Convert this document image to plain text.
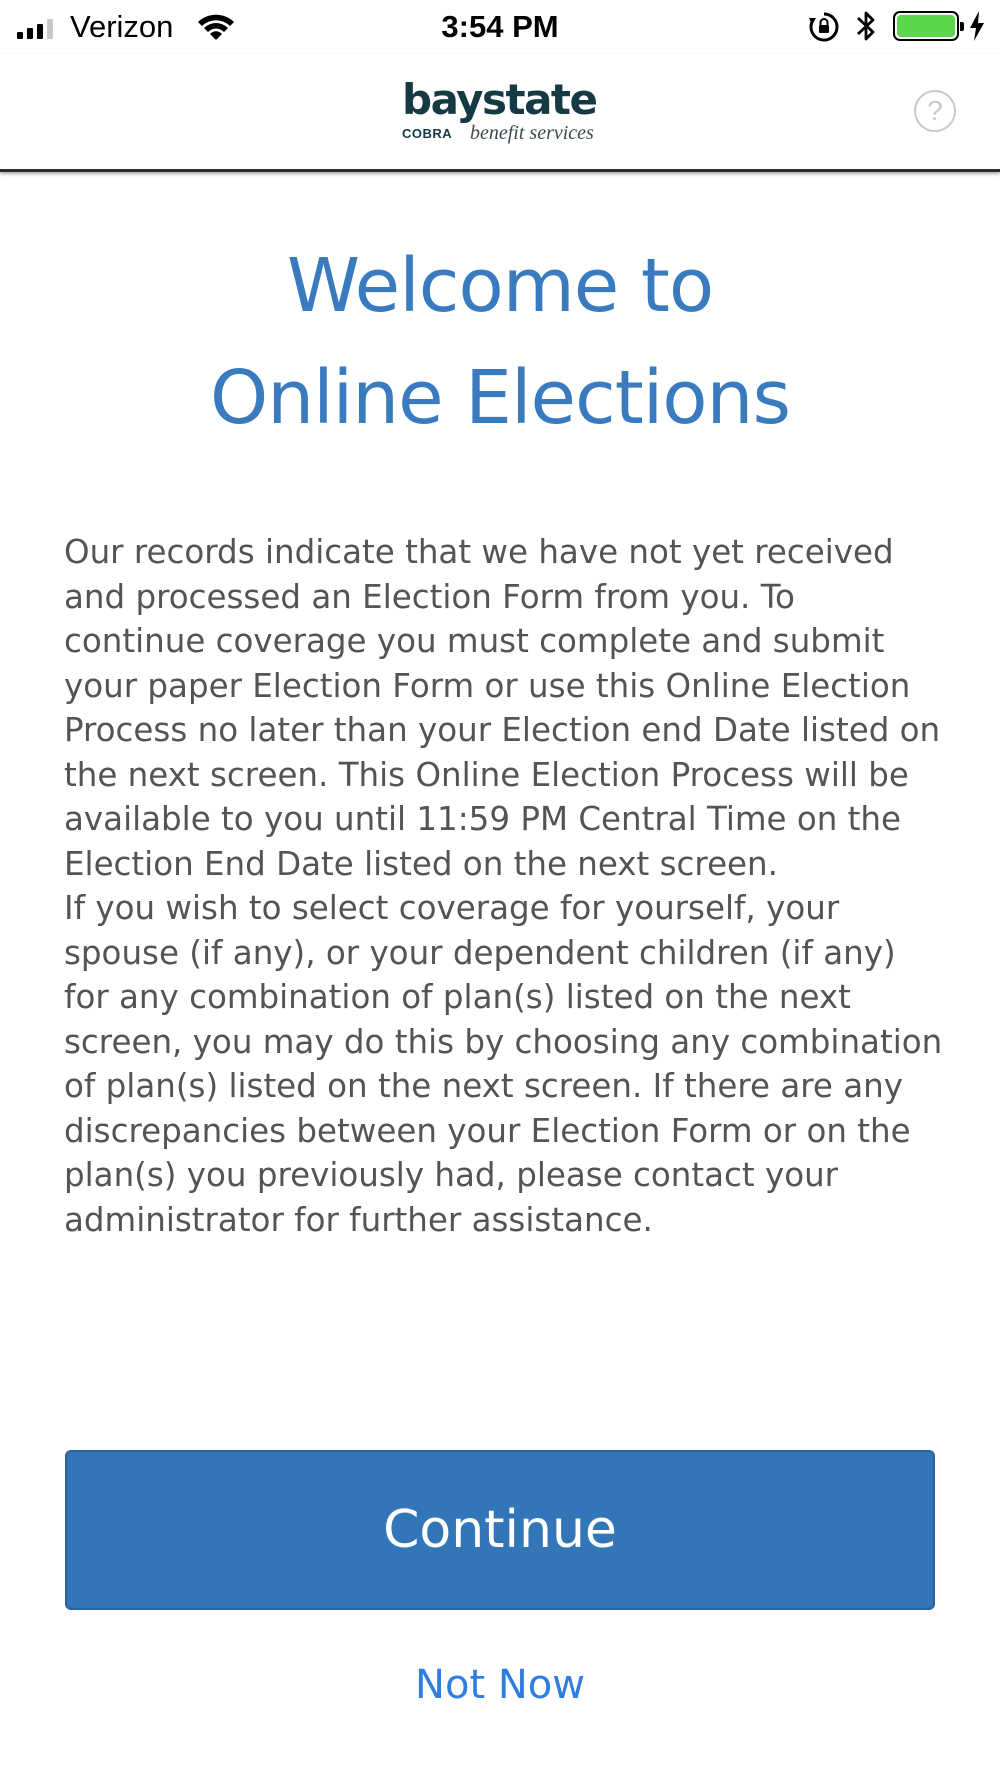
Verizon	3:54 PM
baystate
COBRA benefit services
?
Welcome to
Online Elections

Our records indicate that we have not yet received and processed an Election Form from you. To continue coverage you must complete and submit your paper Election Form or use this Online Election Process no later than your Election end Date listed on the next screen. This Online Election Process will be available to you until 11:59 PM Central Time on the Election End Date listed on the next screen.
If you wish to select coverage for yourself, your spouse (if any), or your dependent children (if any) for any combination of plan(s) listed on the next screen, you may do this by choosing any combination of plan(s) listed on the next screen. If there are any discrepancies between your Election Form or on the plan(s) you previously had, please contact your administrator for further assistance.

Continue
Not Now
